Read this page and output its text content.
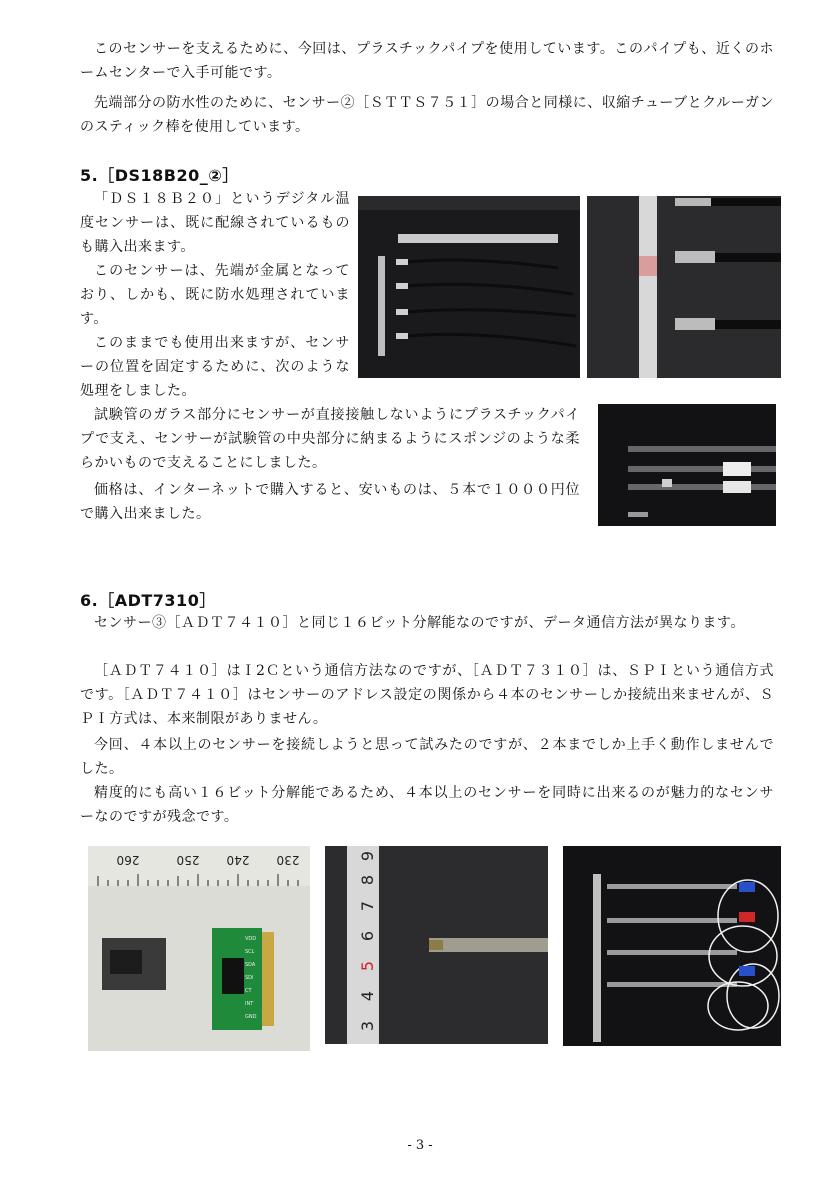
このセンサーを支えるために、今回は、プラスチックパイプを使用しています。このパイプも、近くのホームセンターで入手可能です。

先端部分の防水性のために、センサー②［ＳＴＴＳ７５１］の場合と同様に、収縮チューブとクルーガンのスティック棒を使用しています。

5.［DS18B20_②］

「ＤＳ１８Ｂ２０」というデジタル温度センサーは、既に配線されているものも購入出来ます。

このセンサーは、先端が金属となっており、しかも、既に防水処理されています。

このままでも使用出来ますが、センサーの位置を固定するために、次のような処理をしました。

試験管のガラス部分にセンサーが直接接触しないようにプラスチックパイプで支え、センサーが試験管の中央部分に納まるようにスポンジのような柔らかいもので支えることにしました。

価格は、インターネットで購入すると、安いものは、５本で１０００円位で購入出来ました。

6.［ADT7310］

センサー③［ＡＤＴ７４１０］と同じ１６ビット分解能なのですが、データ通信方法が異なります。

［ＡＤＴ７４１０］はＩ2Ｃという通信方法なのですが、［ＡＤＴ７３１０］は、ＳＰＩという通信方式です。［ＡＤＴ７４１０］はセンサーのアドレス設定の関係から４本のセンサーしか接続出来ませんが、ＳＰＩ方式は、本来制限がありません。

今回、４本以上のセンサーを接続しようと思って試みたのですが、２本までしか上手く動作しませんでした。

精度的にも高い１６ビット分解能であるため、４本以上のセンサーを同時に出来るのが魅力的なセンサーなのですが残念です。

260	250 240 230
VDD
SCL
SDA
SDI
CT
INT
GND
3
4
5
6
7
8
9
- 3 -
